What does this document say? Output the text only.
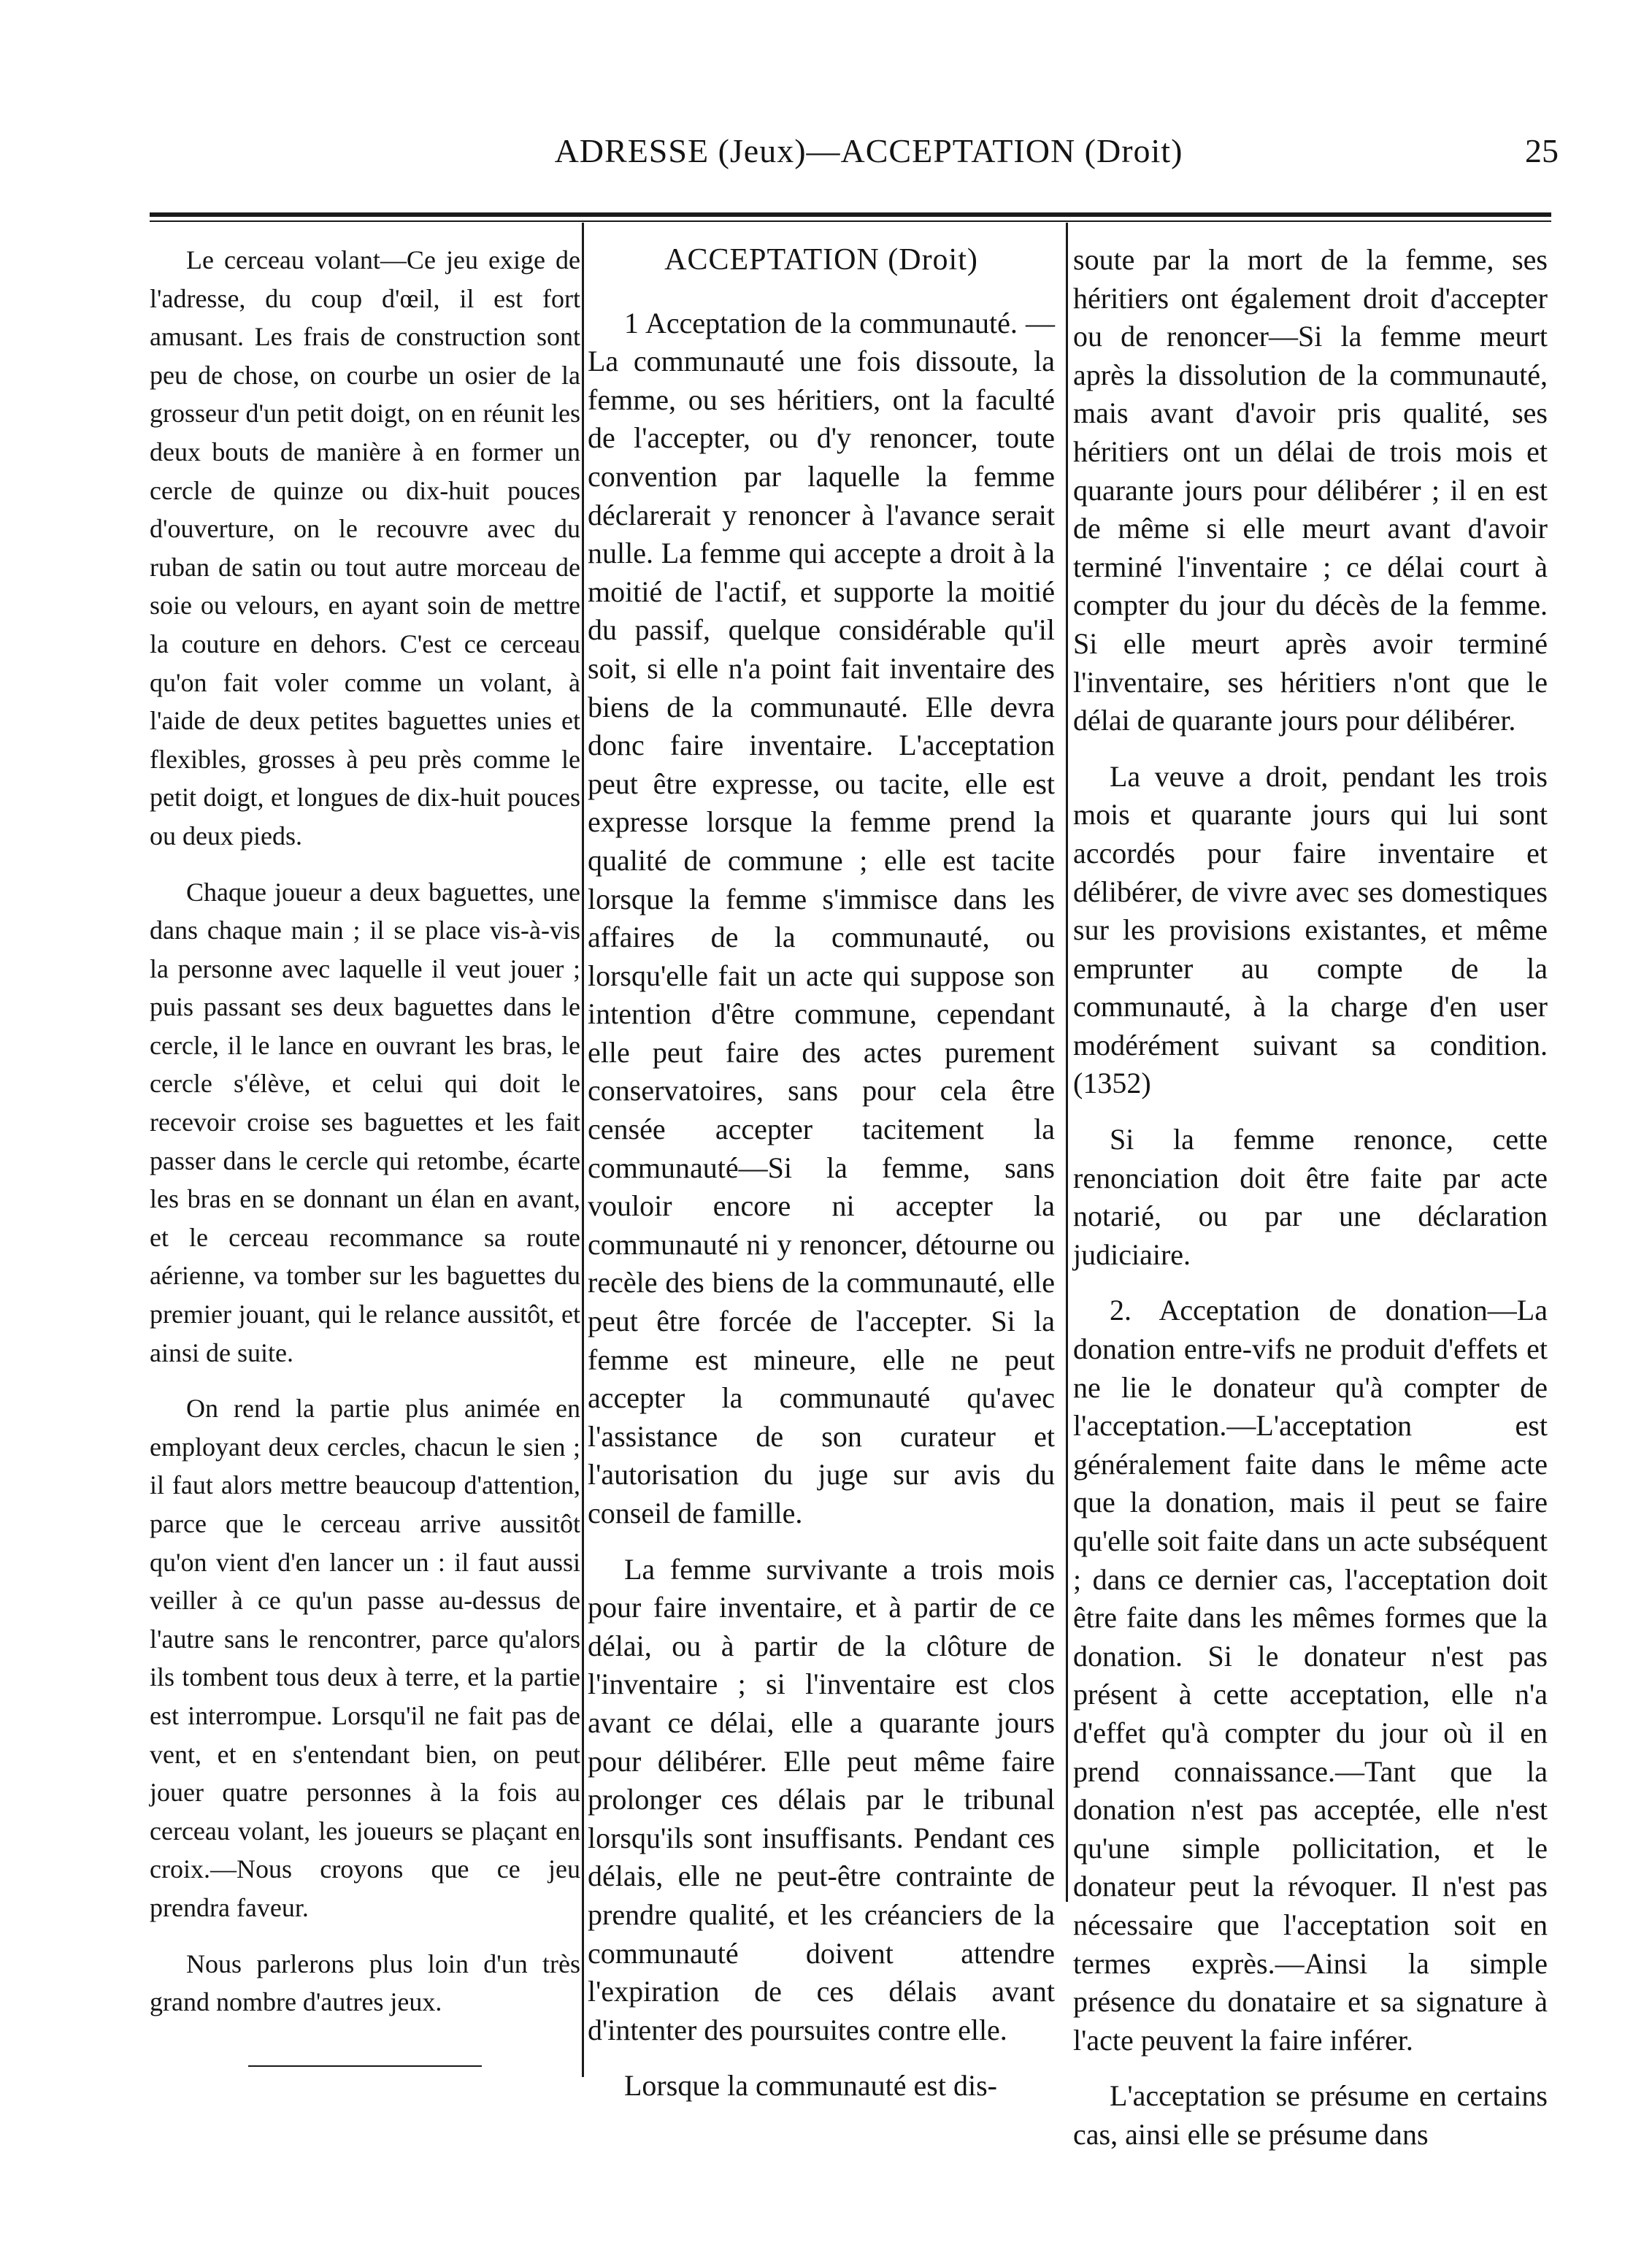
ADRESSE (Jeux)—ACCEPTATION (Droit)	25

Le cerceau volant—Ce jeu exige de l'adresse, du coup d'œil, il est fort amusant. Les frais de construction sont peu de chose, on courbe un osier de la grosseur d'un petit doigt, on en réunit les deux bouts de manière à en former un cercle de quinze ou dix-huit pouces d'ouverture, on le recouvre avec du ruban de satin ou tout autre morceau de soie ou velours, en ayant soin de mettre la couture en dehors. C'est ce cerceau qu'on fait voler comme un volant, à l'aide de deux petites baguettes unies et flexibles, grosses à peu près comme le petit doigt, et longues de dix-huit pouces ou deux pieds.

Chaque joueur a deux baguettes, une dans chaque main ; il se place vis-à-vis la personne avec laquelle il veut jouer ; puis passant ses deux baguettes dans le cercle, il le lance en ouvrant les bras, le cercle s'élève, et celui qui doit le recevoir croise ses baguettes et les fait passer dans le cercle qui retombe, écarte les bras en se donnant un élan en avant, et le cerceau recommance sa route aérienne, va tomber sur les baguettes du premier jouant, qui le relance aussitôt, et ainsi de suite.

On rend la partie plus animée en employant deux cercles, chacun le sien ; il faut alors mettre beaucoup d'attention, parce que le cerceau arrive aussitôt qu'on vient d'en lancer un : il faut aussi veiller à ce qu'un passe au-dessus de l'autre sans le rencontrer, parce qu'alors ils tombent tous deux à terre, et la partie est interrompue. Lorsqu'il ne fait pas de vent, et en s'entendant bien, on peut jouer quatre personnes à la fois au cerceau volant, les joueurs se plaçant en croix.—Nous croyons que ce jeu prendra faveur.

Nous parlerons plus loin d'un très grand nombre d'autres jeux.

ACCEPTATION (Droit)

1 Acceptation de la communauté. —La communauté une fois dissoute, la femme, ou ses héritiers, ont la faculté de l'accepter, ou d'y renoncer, toute convention par laquelle la femme déclarerait y renoncer à l'avance serait nulle. La femme qui accepte a droit à la moitié de l'actif, et supporte la moitié du passif, quelque considérable qu'il soit, si elle n'a point fait inventaire des biens de la communauté. Elle devra donc faire inventaire. L'acceptation peut être expresse, ou tacite, elle est expresse lorsque la femme prend la qualité de commune ; elle est tacite lorsque la femme s'immisce dans les affaires de la communauté, ou lorsqu'elle fait un acte qui suppose son intention d'être commune, cependant elle peut faire des actes purement conservatoires, sans pour cela être censée accepter tacitement la communauté—Si la femme, sans vouloir encore ni accepter la communauté ni y renoncer, détourne ou recèle des biens de la communauté, elle peut être forcée de l'accepter. Si la femme est mineure, elle ne peut accepter la communauté qu'avec l'assistance de son curateur et l'autorisation du juge sur avis du conseil de famille.

La femme survivante a trois mois pour faire inventaire, et à partir de ce délai, ou à partir de la clôture de l'inventaire ; si l'inventaire est clos avant ce délai, elle a quarante jours pour délibérer. Elle peut même faire prolonger ces délais par le tribunal lorsqu'ils sont insuffisants. Pendant ces délais, elle ne peut-être contrainte de prendre qualité, et les créanciers de la communauté doivent attendre l'expiration de ces délais avant d'intenter des poursuites contre elle.

Lorsque la communauté est dis-

soute par la mort de la femme, ses héritiers ont également droit d'accepter ou de renoncer—Si la femme meurt après la dissolution de la communauté, mais avant d'avoir pris qualité, ses héritiers ont un délai de trois mois et quarante jours pour délibérer ; il en est de même si elle meurt avant d'avoir terminé l'inventaire ; ce délai court à compter du jour du décès de la femme. Si elle meurt après avoir terminé l'inventaire, ses héritiers n'ont que le délai de quarante jours pour délibérer.

La veuve a droit, pendant les trois mois et quarante jours qui lui sont accordés pour faire inventaire et délibérer, de vivre avec ses domestiques sur les provisions existantes, et même emprunter au compte de la communauté, à la charge d'en user modérément suivant sa condition. (1352)

Si la femme renonce, cette renonciation doit être faite par acte notarié, ou par une déclaration judiciaire.

2. Acceptation de donation—La donation entre-vifs ne produit d'effets et ne lie le donateur qu'à compter de l'acceptation.—L'acceptation est généralement faite dans le même acte que la donation, mais il peut se faire qu'elle soit faite dans un acte subséquent ; dans ce dernier cas, l'acceptation doit être faite dans les mêmes formes que la donation. Si le donateur n'est pas présent à cette acceptation, elle n'a d'effet qu'à compter du jour où il en prend connaissance.—Tant que la donation n'est pas acceptée, elle n'est qu'une simple pollicitation, et le donateur peut la révoquer. Il n'est pas nécessaire que l'acceptation soit en termes exprès.—Ainsi la simple présence du donataire et sa signature à l'acte peuvent la faire inférer.

L'acceptation se présume en certains cas, ainsi elle se présume dans
